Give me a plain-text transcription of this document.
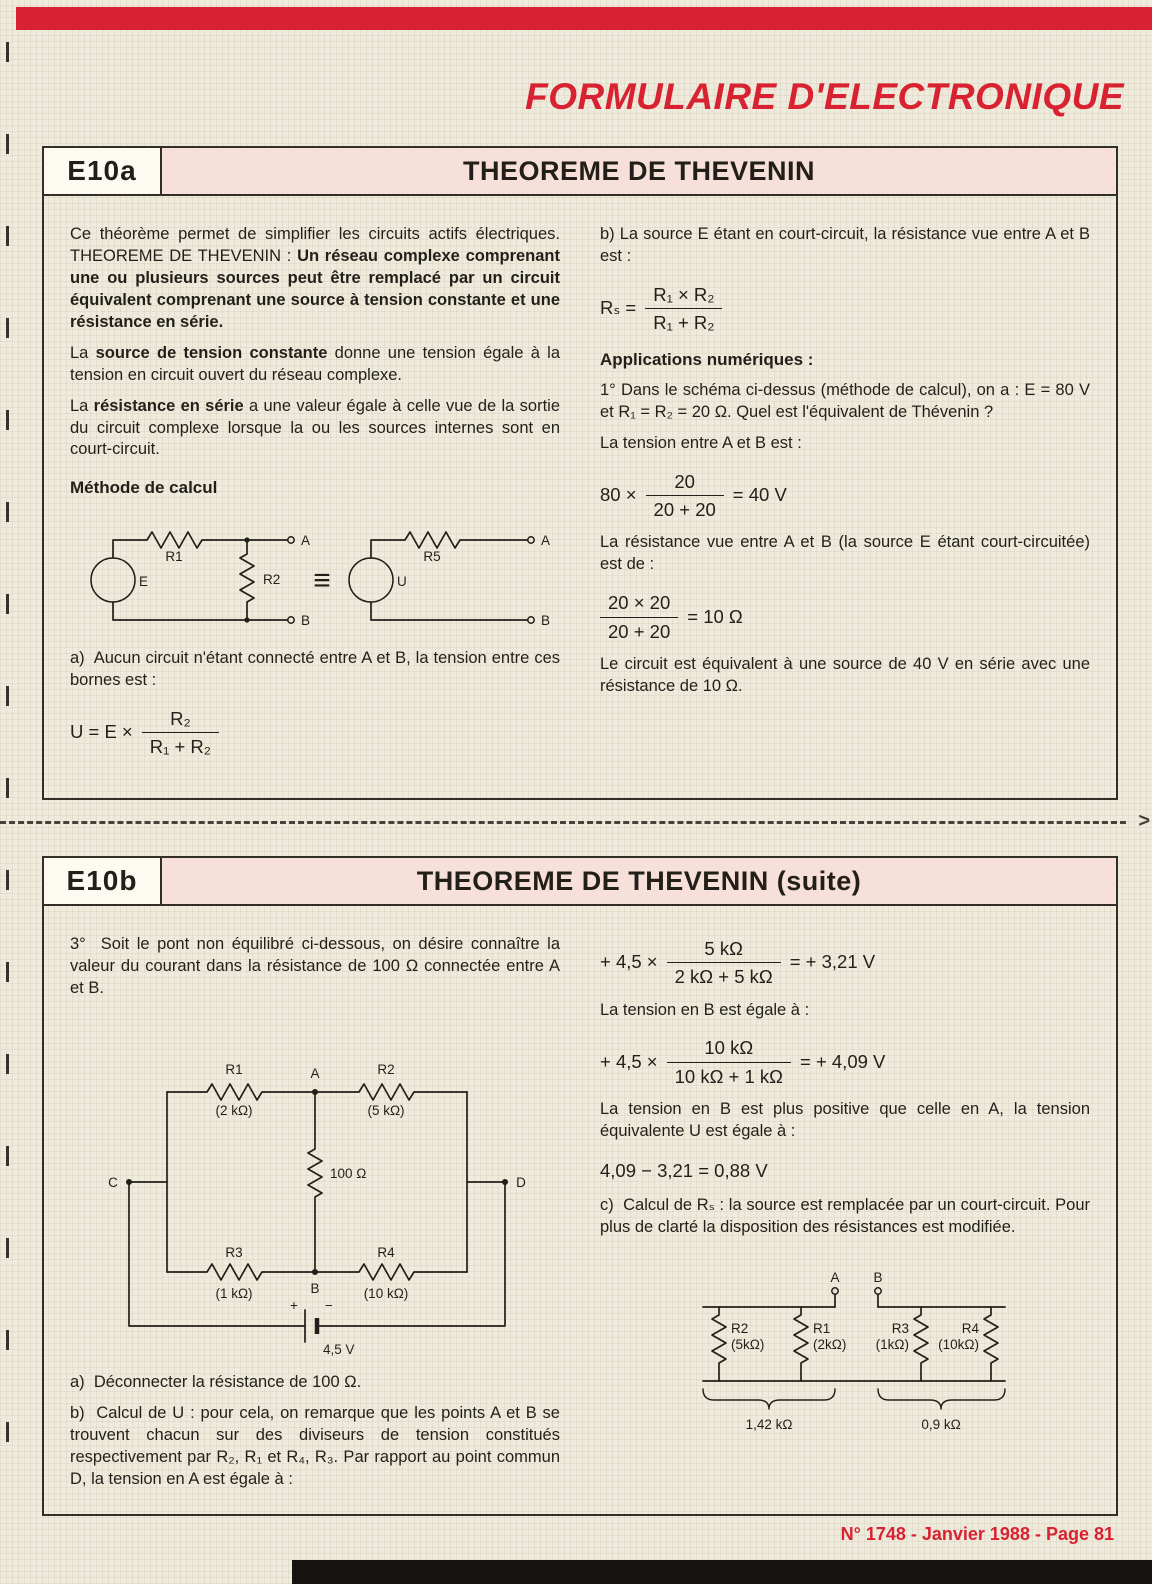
FORMULAIRE D'ELECTRONIQUE
E10a	THEOREME DE THEVENIN

Ce théorème permet de simplifier les circuits actifs électriques. THEOREME DE THEVENIN : Un réseau complexe comprenant une ou plusieurs sources peut être remplacé par un circuit équivalent comprenant une source à tension constante et une résistance en série.

La source de tension constante donne une tension égale à la tension en circuit ouvert du réseau complexe.

La résistance en série a une valeur égale à celle vue de la sortie du circuit complexe lorsque la ou les sources internes sont en court-circuit.

Méthode de calcul
R1
E	R2
A
B
≡
R5
U
A
B

a)  Aucun circuit n'étant connecté entre A et B, la tension entre ces bornes est :

$U = E \times \frac{\text{R₂}}{\text{R₁ + R₂}}$

b) La source E étant en court-circuit, la résistance vue entre A et B est :

$R_s = \frac{\text{R₁ × R₂}}{\text{R₁ + R₂}}$
Applications numériques :

1° Dans le schéma ci-dessus (méthode de calcul), on a : E = 80 V et R₁ = R₂ = 20 Ω. Quel est l'équivalent de Thévenin ?

La tension entre A et B est :

$80 \times \frac{20}{20 + 20} = 40$ V

La résistance vue entre A et B (la source E étant court-circuitée) est de :

$\frac{20 \times 20}{20 + 20} = 10$ Ω

Le circuit est équivalent à une source de 40 V en série avec une résistance de 10 Ω.

>
E10b	THEOREME DE THEVENIN (suite)

3°  Soit le pont non équilibré ci-dessous, on désire connaître la valeur du courant dans la résistance de 100 Ω connectée entre A et B.

R1
(2 kΩ)
A	R2
(5 kΩ)
C	D
100 Ω
R3
(1 kΩ)	B
R4
(10 kΩ)
+ −
4,5 V

a)  Déconnecter la résistance de 100 Ω.

b)  Calcul de U : pour cela, on remarque que les points A et B se trouvent chacun sur des diviseurs de tension constitués respectivement par R₂, R₁ et R₄, R₃. Par rapport au point commun D, la tension en A est égale à :

+ $4,5 \times \frac{5 k\Omega}{2 k\Omega + 5 k\Omega}$ = + 3,21 V

La tension en B est égale à :

+ $4,5 \times \frac{10 k\Omega}{10 k\Omega + 1 k\Omega}$ = + 4,09 V

La tension en B est plus positive que celle en A, la tension équivalente U est égale à :

4,09 − 3,21 = 0,88 V

c)  Calcul de Rₛ : la source est remplacée par un court-circuit. Pour plus de clarté la disposition des résistances est modifiée.

A	B
R2
(5kΩ)
R1
(2kΩ)
R3
(1kΩ)
R4
(10kΩ)
1,42 kΩ	0,9 kΩ
N° 1748 - Janvier 1988 - Page 81
